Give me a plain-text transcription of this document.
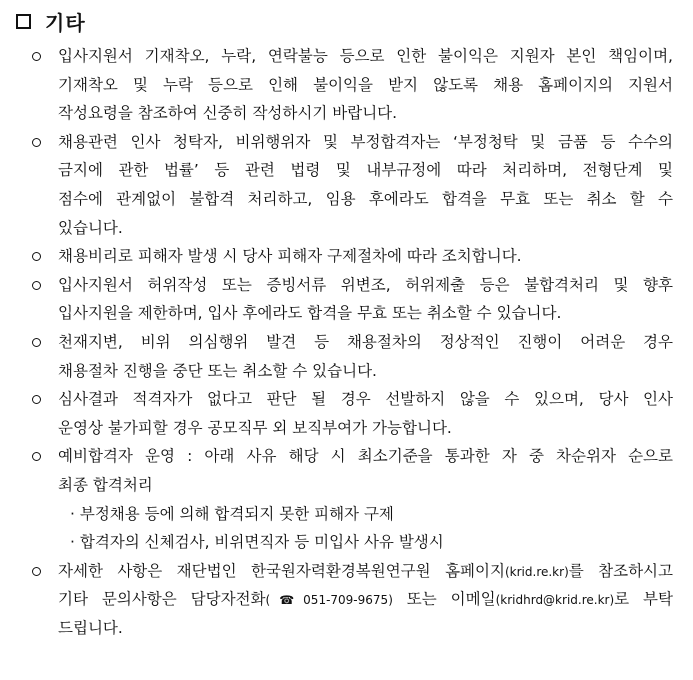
기타
입사지원서 기재착오, 누락, 연락불능 등으로 인한 불이익은 지원자 본인 책임이며,
기재착오 및 누락 등으로 인해 불이익을 받지 않도록 채용 홈페이지의 지원서
작성요령을 참조하여 신중히 작성하시기 바랍니다.
채용관련 인사 청탁자, 비위행위자 및 부정합격자는 ‘부정청탁 및 금품 등 수수의
금지에 관한 법률’ 등 관련 법령 및 내부규정에 따라 처리하며, 전형단계 및
점수에 관계없이 불합격 처리하고, 임용 후에라도 합격을 무효 또는 취소 할 수
있습니다.
채용비리로 피해자 발생 시 당사 피해자 구제절차에 따라 조치합니다.
입사지원서 허위작성 또는 증빙서류 위변조, 허위제출 등은 불합격처리 및 향후
입사지원을 제한하며, 입사 후에라도 합격을 무효 또는 취소할 수 있습니다.
천재지변, 비위 의심행위 발견 등 채용절차의 정상적인 진행이 어려운 경우
채용절차 진행을 중단 또는 취소할 수 있습니다.
심사결과 적격자가 없다고 판단 될 경우 선발하지 않을 수 있으며, 당사 인사
운영상 불가피할 경우 공모직무 외 보직부여가 가능합니다.
예비합격자 운영 : 아래 사유 해당 시 최소기준을 통과한 자 중 차순위자 순으로
최종 합격처리
· 부정채용 등에 의해 합격되지 못한 피해자 구제
· 합격자의 신체검사, 비위면직자 등 미입사 사유 발생시
자세한 사항은 재단법인 한국원자력환경복원연구원 홈페이지(krid.re.kr)를 참조하시고
기타 문의사항은 담당자전화(☎051-709-9675) 또는 이메일(kridhrd@krid.re.kr)로 부탁
드립니다.
